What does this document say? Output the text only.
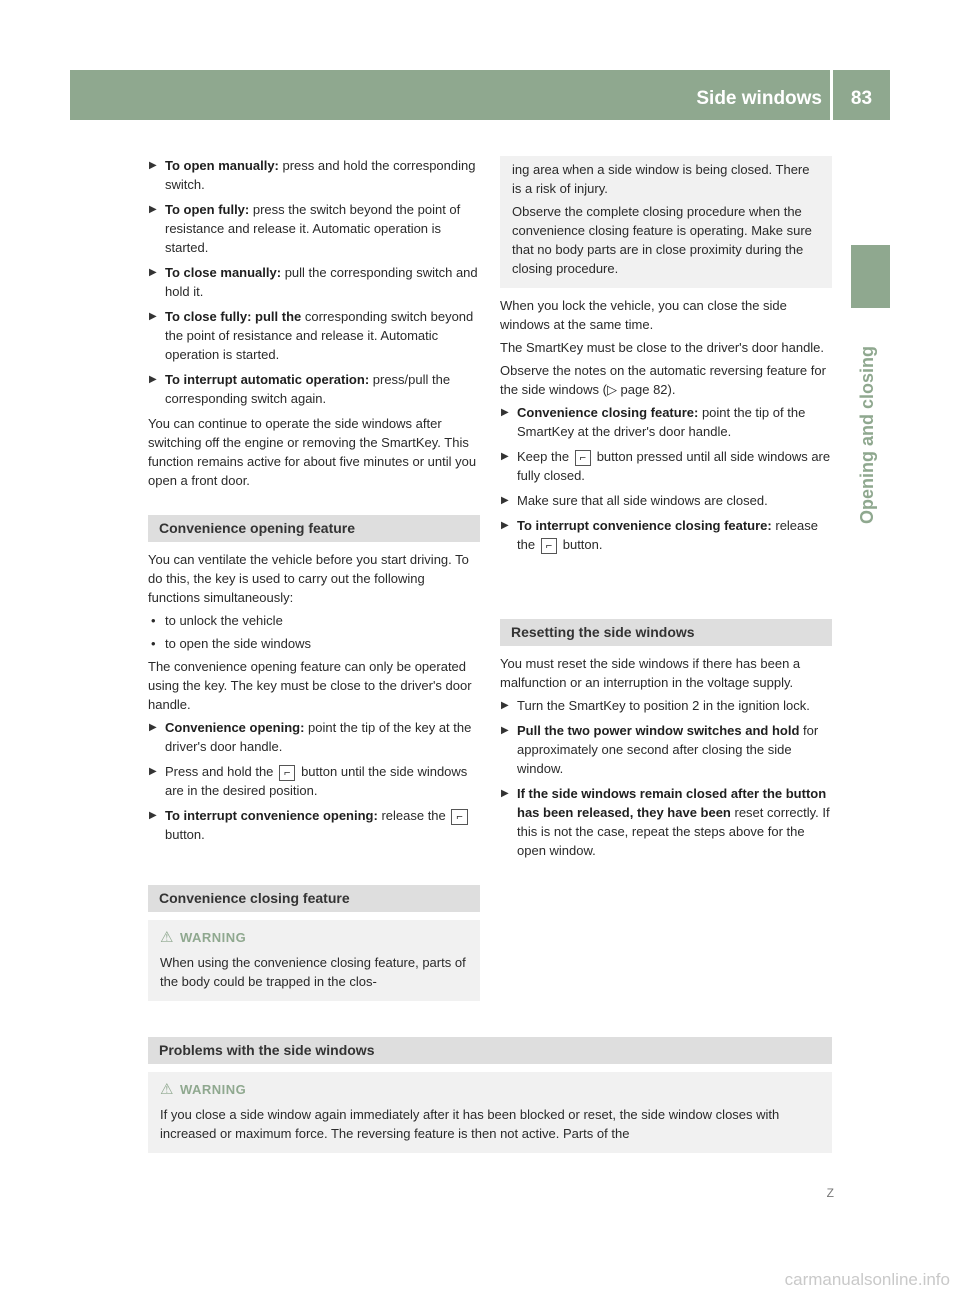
Side windows	83
Opening and closing
▶ To open manually: press and hold the corresponding switch.
▶ To open fully: press the switch beyond the point of resistance and release it. Automatic operation is started.
▶ To close manually: pull the corresponding switch and hold it.
▶ To close fully: pull the corresponding switch beyond the point of resistance and release it. Automatic operation is started.
▶ To interrupt automatic operation: press/pull the corresponding switch again.

You can continue to operate the side windows after switching off the engine or removing the SmartKey. This function remains active for about five minutes or until you open a front door.

Convenience opening feature

You can ventilate the vehicle before you start driving. To do this, the key is used to carry out the following functions simultaneously:

• to unlock the vehicle
• to open the side windows

The convenience opening feature can only be operated using the key. The key must be close to the driver's door handle.

▶ Convenience opening: point the tip of the key at the driver's door handle.
▶ Press and hold the ⌐ button until the side windows are in the desired position.
▶ To interrupt convenience opening: release the ⌐ button.
Convenience closing feature
⚠ WARNING

When using the convenience closing feature, parts of the body could be trapped in the clos-

ing area when a side window is being closed. There is a risk of injury.

Observe the complete closing procedure when the convenience closing feature is operating. Make sure that no body parts are in close proximity during the closing procedure.

When you lock the vehicle, you can close the side windows at the same time.

The SmartKey must be close to the driver's door handle.

Observe the notes on the automatic reversing feature for the side windows (▷ page 82).

▶ Convenience closing feature: point the tip of the SmartKey at the driver's door handle.
▶ Keep the ⌐ button pressed until all side windows are fully closed.
▶ Make sure that all side windows are closed.
▶ To interrupt convenience closing feature: release the ⌐ button.
Resetting the side windows

You must reset the side windows if there has been a malfunction or an interruption in the voltage supply.

▶ Turn the SmartKey to position 2 in the ignition lock.
▶ Pull the two power window switches and hold for approximately one second after closing the side window.
▶ If the side windows remain closed after the button has been released, they have been reset correctly. If this is not the case, repeat the steps above for the open window.
Problems with the side windows
⚠ WARNING

If you close a side window again immediately after it has been blocked or reset, the side window closes with increased or maximum force. The reversing feature is then not active. Parts of the

Z
carmanualsonline.info
